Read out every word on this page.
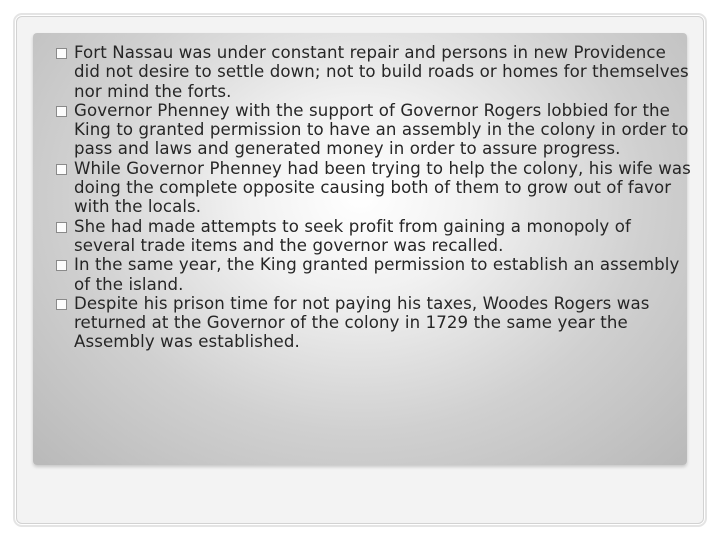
Fort Nassau was under constant repair and persons in new Providence did not desire to settle down; not to build roads or homes for themselves nor mind the forts.
Governor Phenney with the support of Governor Rogers lobbied for the King to granted permission to have an assembly in the colony in order to pass and laws and generated money in order to assure progress.
While Governor Phenney had been trying to help the colony, his wife was doing the complete opposite causing both of them to grow out of favor with the locals.
She had made attempts to seek profit from gaining a monopoly of several trade items and the governor was recalled.
In the same year, the King granted permission to establish an assembly of the island.
Despite his prison time for not paying his taxes, Woodes Rogers was returned at the Governor of the colony in 1729 the same year the Assembly was established.
